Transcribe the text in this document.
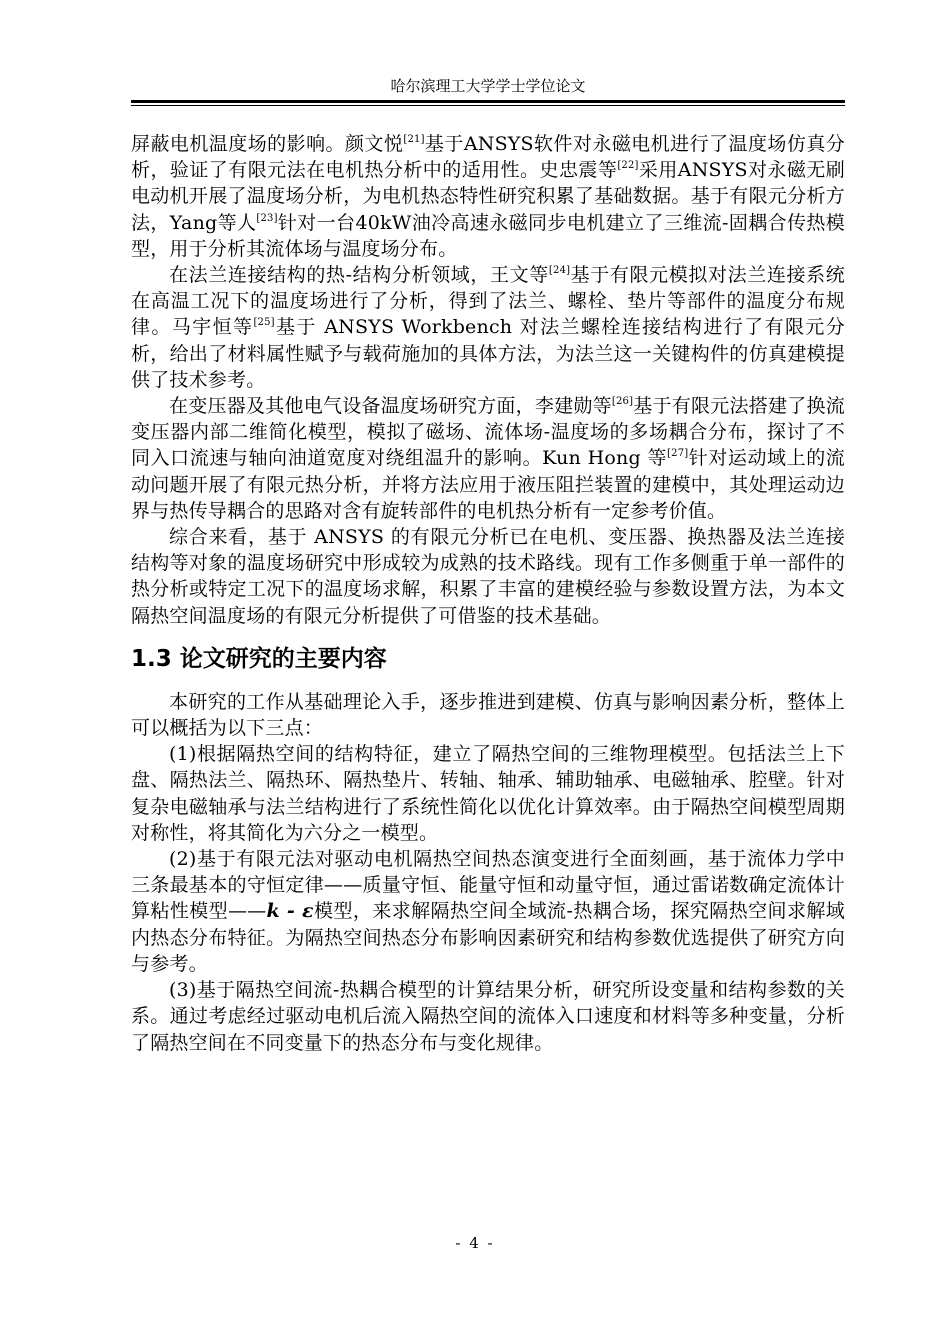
哈尔滨理工大学学士学位论文

屏蔽电机温度场的影响。颜文悦[21]基于ANSYS软件对永磁电机进行了温度场仿真分析，验证了有限元法在电机热分析中的适用性。史忠震等[22]采用ANSYS对永磁无刷电动机开展了温度场分析，为电机热态特性研究积累了基础数据。基于有限元分析方法，Yang等人[23]针对一台40kW油冷高速永磁同步电机建立了三维流-固耦合传热模型，用于分析其流体场与温度场分布。

在法兰连接结构的热-结构分析领域，王文等[24]基于有限元模拟对法兰连接系统在高温工况下的温度场进行了分析，得到了法兰、螺栓、垫片等部件的温度分布规律。马宇恒等[25]基于 ANSYS Workbench 对法兰螺栓连接结构进行了有限元分析，给出了材料属性赋予与载荷施加的具体方法，为法兰这一关键构件的仿真建模提供了技术参考。

在变压器及其他电气设备温度场研究方面，李建勋等[26]基于有限元法搭建了换流变压器内部二维简化模型，模拟了磁场、流体场-温度场的多场耦合分布，探讨了不同入口流速与轴向油道宽度对绕组温升的影响。Kun Hong 等[27]针对运动域上的流动问题开展了有限元热分析，并将方法应用于液压阻拦装置的建模中，其处理运动边界与热传导耦合的思路对含有旋转部件的电机热分析有一定参考价值。

综合来看，基于 ANSYS 的有限元分析已在电机、变压器、换热器及法兰连接结构等对象的温度场研究中形成较为成熟的技术路线。现有工作多侧重于单一部件的热分析或特定工况下的温度场求解，积累了丰富的建模经验与参数设置方法，为本文隔热空间温度场的有限元分析提供了可借鉴的技术基础。

1.3 论文研究的主要内容

本研究的工作从基础理论入手，逐步推进到建模、仿真与影响因素分析，整体上可以概括为以下三点：

(1)根据隔热空间的结构特征，建立了隔热空间的三维物理模型。包括法兰上下盘、隔热法兰、隔热环、隔热垫片、转轴、轴承、辅助轴承、电磁轴承、腔壁。针对复杂电磁轴承与法兰结构进行了系统性简化以优化计算效率。由于隔热空间模型周期对称性，将其简化为六分之一模型。

(2)基于有限元法对驱动电机隔热空间热态演变进行全面刻画，基于流体力学中三条最基本的守恒定律——质量守恒、能量守恒和动量守恒，通过雷诺数确定流体计算粘性模型——k - ε模型，来求解隔热空间全域流-热耦合场，探究隔热空间求解域内热态分布特征。为隔热空间热态分布影响因素研究和结构参数优选提供了研究方向与参考。

(3)基于隔热空间流-热耦合模型的计算结果分析，研究所设变量和结构参数的关系。通过考虑经过驱动电机后流入隔热空间的流体入口速度和材料等多种变量，分析了隔热空间在不同变量下的热态分布与变化规律。

- 4 -
